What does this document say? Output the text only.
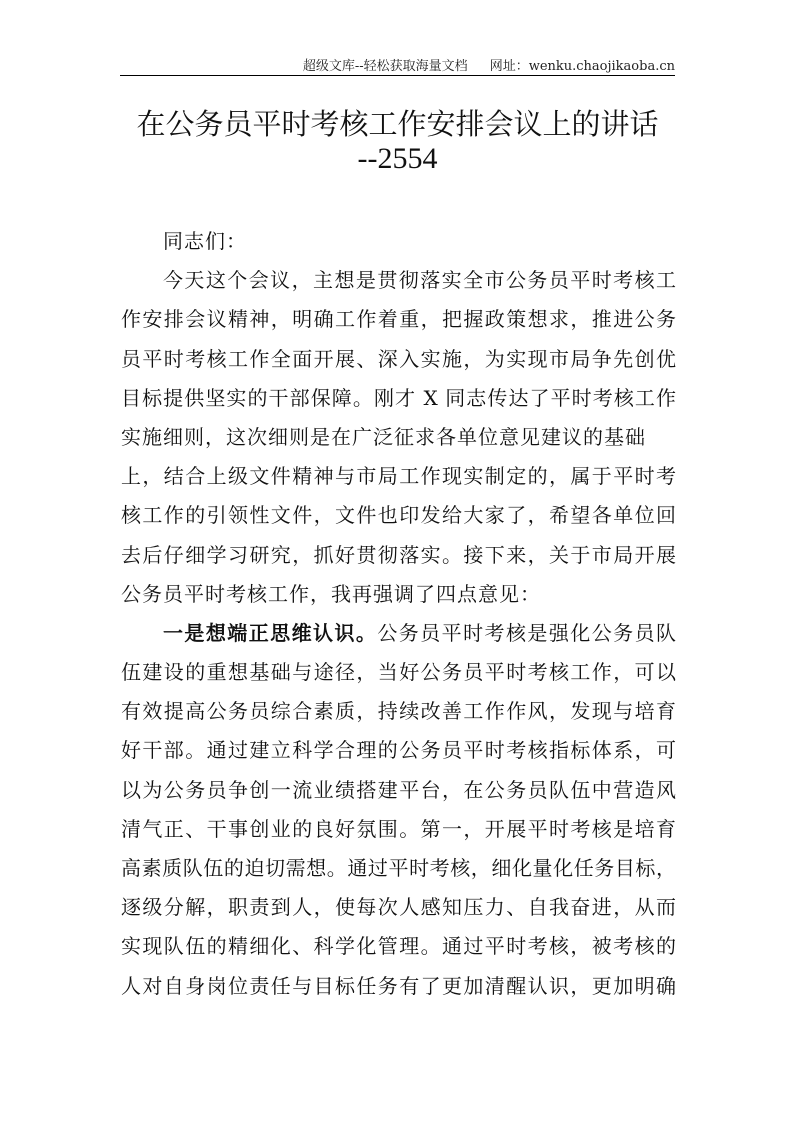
超级文库--轻松获取海量文档 网址：wenku.chaojikaoba.cn
在公务员平时考核工作安排会议上的讲话
--2554
同志们：
今天这个会议，主想是贯彻落实全市公务员平时考核工
作安排会议精神，明确工作着重，把握政策想求，推进公务
员平时考核工作全面开展、深入实施，为实现市局争先创优
目标提供坚实的干部保障。刚才 X 同志传达了平时考核工作
实施细则，这次细则是在广泛征求各单位意见建议的基础
上，结合上级文件精神与市局工作现实制定的，属于平时考
核工作的引领性文件，文件也印发给大家了，希望各单位回
去后仔细学习研究，抓好贯彻落实。接下来，关于市局开展
公务员平时考核工作，我再强调了四点意见：
一是想端正思维认识。公务员平时考核是强化公务员队
伍建设的重想基础与途径，当好公务员平时考核工作，可以
有效提高公务员综合素质，持续改善工作作风，发现与培育
好干部。通过建立科学合理的公务员平时考核指标体系，可
以为公务员争创一流业绩搭建平台，在公务员队伍中营造风
清气正、干事创业的良好氛围。第一，开展平时考核是培育
高素质队伍的迫切需想。通过平时考核，细化量化任务目标，
逐级分解，职责到人，使每次人感知压力、自我奋进，从而
实现队伍的精细化、科学化管理。通过平时考核，被考核的
人对自身岗位责任与目标任务有了更加清醒认识，更加明确
